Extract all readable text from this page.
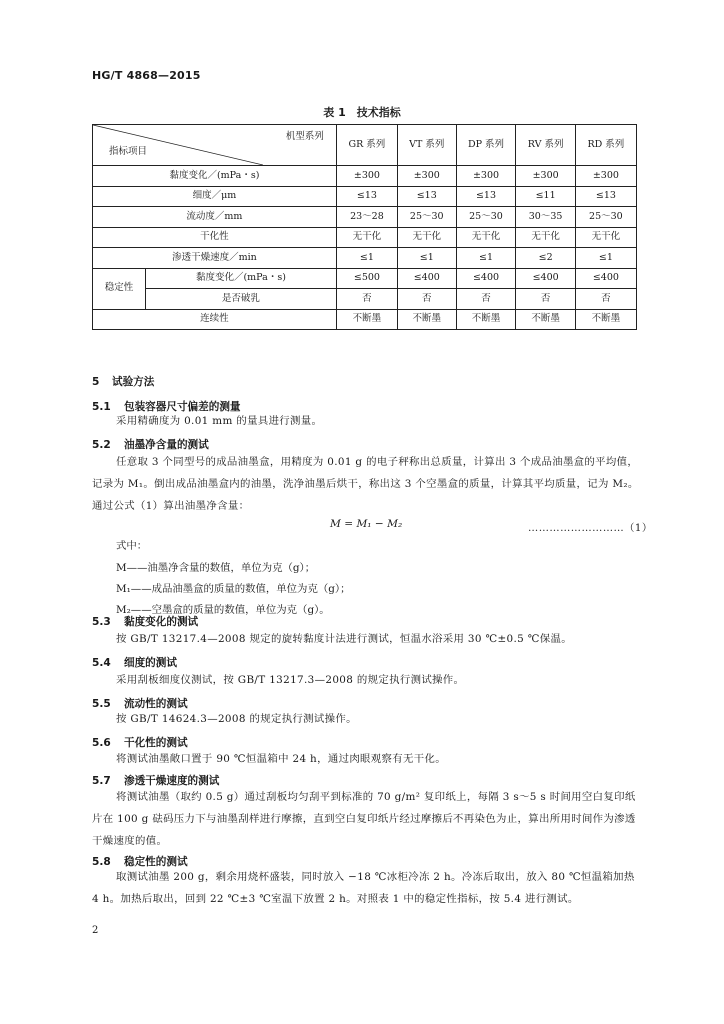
HG/T 4868—2015
表 1　技术指标
机型系列
指标项目		GR 系列	VT 系列	DP 系列	RV 系列	RD 系列
黏度变化／(mPa・s)		±300	±300	±300	±300	±300
细度／μm		≤13	≤13	≤13	≤11	≤13
流动度／mm		23～28	25～30	25～30	30～35	25～30
干化性		无干化	无干化	无干化	无干化	无干化
渗透干燥速度／min		≤1	≤1	≤1	≤2	≤1
稳定性	黏度变化／(mPa・s)	≤500	≤400	≤400	≤400	≤400
	是否破乳	否	否	否	否	否
连续性		不断墨	不断墨	不断墨	不断墨	不断墨
5 试验方法
5.1 包装容器尺寸偏差的测量
采用精确度为 0.01 mm 的量具进行测量。
5.2 油墨净含量的测试
任意取 3 个同型号的成品油墨盒，用精度为 0.01 g 的电子秤称出总质量，计算出 3 个成品油墨盒的平均值，记录为 M₁。倒出成品油墨盒内的油墨，洗净油墨后烘干，称出这 3 个空墨盒的质量，计算其平均质量，记为 M₂。通过公式（1）算出油墨净含量：
M = M₁ − M₂	………………………（1）
式中：
M——油墨净含量的数值，单位为克（g）；
M₁——成品油墨盒的质量的数值，单位为克（g）；
M₂——空墨盒的质量的数值，单位为克（g）。
5.3 黏度变化的测试
按 GB/T 13217.4—2008 规定的旋转黏度计法进行测试，恒温水浴采用 30 ℃±0.5 ℃保温。
5.4 细度的测试
采用刮板细度仪测试，按 GB/T 13217.3—2008 的规定执行测试操作。
5.5 流动性的测试
按 GB/T 14624.3—2008 的规定执行测试操作。
5.6 干化性的测试
将测试油墨敞口置于 90 ℃恒温箱中 24 h，通过肉眼观察有无干化。
5.7 渗透干燥速度的测试
将测试油墨（取约 0.5 g）通过刮板均匀刮平到标准的 70 g/m² 复印纸上，每隔 3 s～5 s 时间用空白复印纸片在 100 g 砝码压力下与油墨刮样进行摩擦，直到空白复印纸片经过摩擦后不再染色为止，算出所用时间作为渗透干燥速度的值。
5.8 稳定性的测试
取测试油墨 200 g，剩余用烧杯盛装，同时放入 −18 ℃冰柜冷冻 2 h。冷冻后取出，放入 80 ℃恒温箱加热 4 h。加热后取出，回到 22 ℃±3 ℃室温下放置 2 h。对照表 1 中的稳定性指标，按 5.4 进行测试。
2
